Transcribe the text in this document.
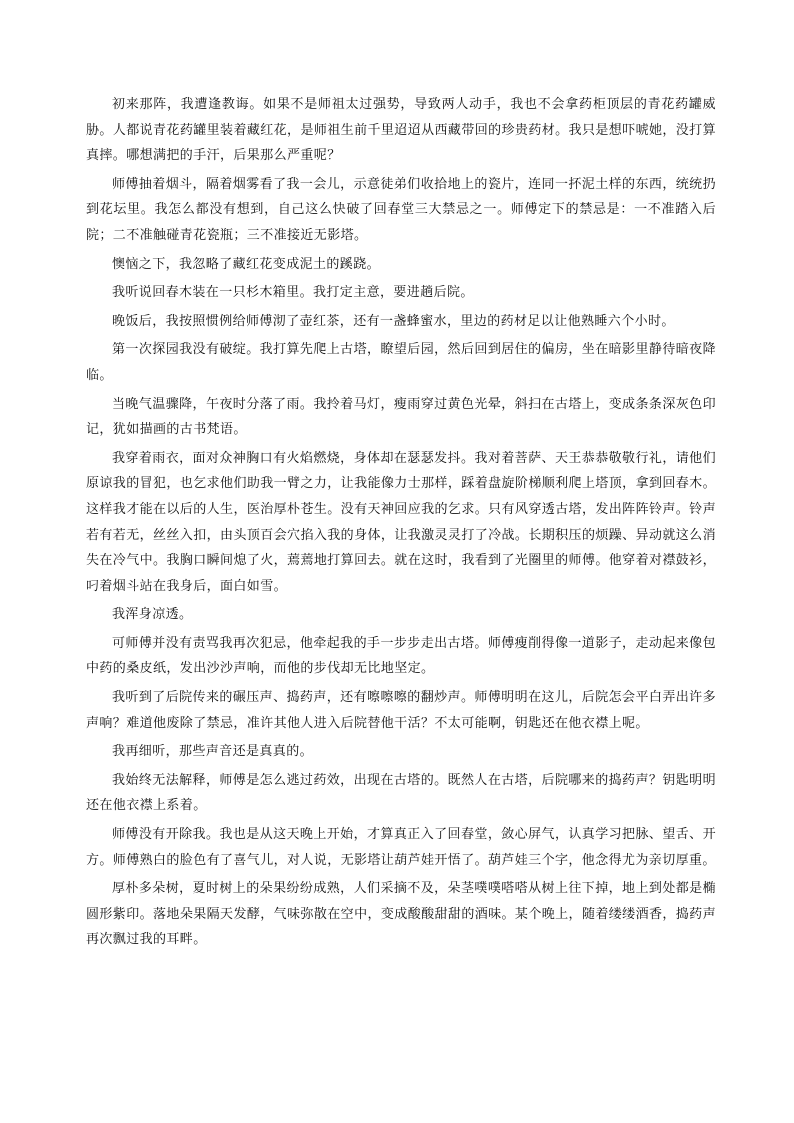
初来那阵，我遭逢教诲。如果不是师祖太过强势，导致两人动手，我也不会拿药柜顶层的青花药罐威胁。人都说青花药罐里装着藏红花，是师祖生前千里迢迢从西藏带回的珍贵药材。我只是想吓唬她，没打算真摔。哪想满把的手汗，后果那么严重呢？

师傅抽着烟斗，隔着烟雾看了我一会儿，示意徒弟们收拾地上的瓷片，连同一抔泥土样的东西，统统扔到花坛里。我怎么都没有想到，自己这么快破了回春堂三大禁忌之一。师傅定下的禁忌是：一不准踏入后院；二不准触碰青花瓷瓶；三不准接近无影塔。

懊恼之下，我忽略了藏红花变成泥土的蹊跷。

我听说回春木装在一只杉木箱里。我打定主意，要进趟后院。

晚饭后，我按照惯例给师傅沏了壶红茶，还有一盏蜂蜜水，里边的药材足以让他熟睡六个小时。

第一次探园我没有破绽。我打算先爬上古塔，瞭望后园，然后回到居住的偏房，坐在暗影里静待暗夜降临。

当晚气温骤降，午夜时分落了雨。我拎着马灯，瘦雨穿过黄色光晕，斜扫在古塔上，变成条条深灰色印记，犹如描画的古书梵语。

我穿着雨衣，面对众神胸口有火焰燃烧，身体却在瑟瑟发抖。我对着菩萨、天王恭恭敬敬行礼，请他们原谅我的冒犯，也乞求他们助我一臂之力，让我能像力士那样，踩着盘旋阶梯顺利爬上塔顶，拿到回春木。这样我才能在以后的人生，医治厚朴苍生。没有天神回应我的乞求。只有风穿透古塔，发出阵阵铃声。铃声若有若无，丝丝入扣，由头顶百会穴掐入我的身体，让我激灵灵打了冷战。长期积压的烦躁、异动就这么消失在冷气中。我胸口瞬间熄了火，蔫蔫地打算回去。就在这时，我看到了光圈里的师傅。他穿着对襟鼓衫，叼着烟斗站在我身后，面白如雪。

我浑身凉透。

可师傅并没有责骂我再次犯忌，他牵起我的手一步步走出古塔。师傅瘦削得像一道影子，走动起来像包中药的桑皮纸，发出沙沙声响，而他的步伐却无比地坚定。

我听到了后院传来的碾压声、捣药声，还有嚓嚓嚓的翻炒声。师傅明明在这儿，后院怎会平白弄出许多声响？难道他废除了禁忌，准许其他人进入后院替他干活？不太可能啊，钥匙还在他衣襟上呢。

我再细听，那些声音还是真真的。

我始终无法解释，师傅是怎么逃过药效，出现在古塔的。既然人在古塔，后院哪来的捣药声？钥匙明明还在他衣襟上系着。

师傅没有开除我。我也是从这天晚上开始，才算真正入了回春堂，敛心屏气，认真学习把脉、望舌、开方。师傅熟白的脸色有了喜气儿，对人说，无影塔让葫芦娃开悟了。葫芦娃三个字，他念得尤为亲切厚重。

厚朴多朵树，夏时树上的朵果纷纷成熟，人们采摘不及，朵茎噗噗嗒嗒从树上往下掉，地上到处都是椭圆形紫印。落地朵果隔天发酵，气味弥散在空中，变成酸酸甜甜的酒味。某个晚上，随着缕缕酒香，捣药声再次飘过我的耳畔。
